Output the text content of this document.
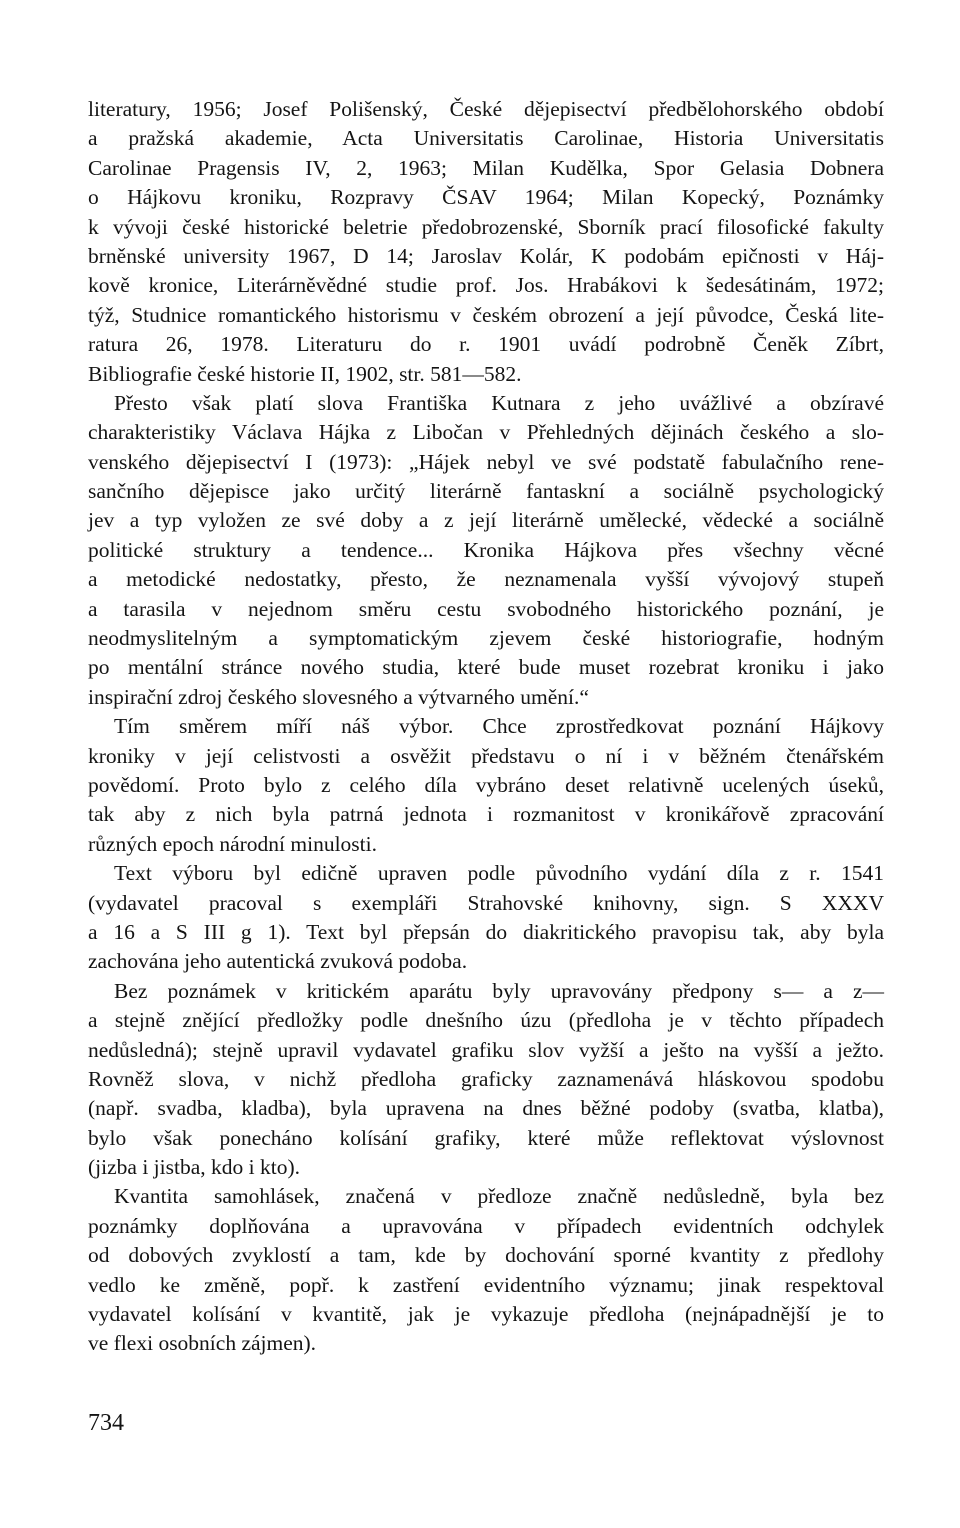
literatury, 1956; Josef Polišenský, České dějepisectví předbělohorského období
a pražská akademie, Acta Universitatis Carolinae, Historia Universitatis
Carolinae Pragensis IV, 2, 1963; Milan Kudělka, Spor Gelasia Dobnera
o Hájkovu kroniku, Rozpravy ČSAV 1964; Milan Kopecký, Poznámky
k vývoji české historické beletrie předobrozenské, Sborník prací filosofické fakulty
brněnské university 1967, D 14; Jaroslav Kolár, K podobám epičnosti v Háj-
kově kronice, Literárněvědné studie prof. Jos. Hrabákovi k šedesátinám, 1972;
týž, Studnice romantického historismu v českém obrození a její původce, Česká lite-
ratura 26, 1978. Literaturu do r. 1901 uvádí podrobně Čeněk Zíbrt,
Bibliografie české historie II, 1902, str. 581—582.
Přesto však platí slova Františka Kutnara z jeho uvážlivé a obzíravé
charakteristiky Václava Hájka z Libočan v Přehledných dějinách českého a slo-
venského dějepisectví I (1973): „Hájek nebyl ve své podstatě fabulačního rene-
sančního dějepisce jako určitý literárně fantaskní a sociálně psychologický
jev a typ vyložen ze své doby a z její literárně umělecké, vědecké a sociálně
politické struktury a tendence... Kronika Hájkova přes všechny věcné
a metodické nedostatky, přesto, že neznamenala vyšší vývojový stupeň
a tarasila v nejednom směru cestu svobodného historického poznání, je
neodmyslitelným a symptomatickým zjevem české historiografie, hodným
po mentální stránce nového studia, které bude muset rozebrat kroniku i jako
inspirační zdroj českého slovesného a výtvarného umění.“
Tím směrem míří náš výbor. Chce zprostředkovat poznání Hájkovy
kroniky v její celistvosti a osvěžit představu o ní i v běžném čtenářském
povědomí. Proto bylo z celého díla vybráno deset relativně ucelených úseků,
tak aby z nich byla patrná jednota i rozmanitost v kronikářově zpracování
různých epoch národní minulosti.
Text výboru byl edičně upraven podle původního vydání díla z r. 1541
(vydavatel pracoval s exempláři Strahovské knihovny, sign. S XXXV
a 16 a S III g 1). Text byl přepsán do diakritického pravopisu tak, aby byla
zachována jeho autentická zvuková podoba.
Bez poznámek v kritickém aparátu byly upravovány předpony s— a z—
a stejně znějící předložky podle dnešního úzu (předloha je v těchto případech
nedůsledná); stejně upravil vydavatel grafiku slov vyžší a ješto na vyšší a ježto.
Rovněž slova, v nichž předloha graficky zaznamenává hláskovou spodobu
(např. svadba, kladba), byla upravena na dnes běžné podoby (svatba, klatba),
bylo však ponecháno kolísání grafiky, které může reflektovat výslovnost
(jizba i jistba, kdo i kto).
Kvantita samohlásek, značená v předloze značně nedůsledně, byla bez
poznámky doplňována a upravována v případech evidentních odchylek
od dobových zvyklostí a tam, kde by dochování sporné kvantity z předlohy
vedlo ke změně, popř. k zastření evidentního významu; jinak respektoval
vydavatel kolísání v kvantitě, jak je vykazuje předloha (nejnápadnější je to
ve flexi osobních zájmen).
734
